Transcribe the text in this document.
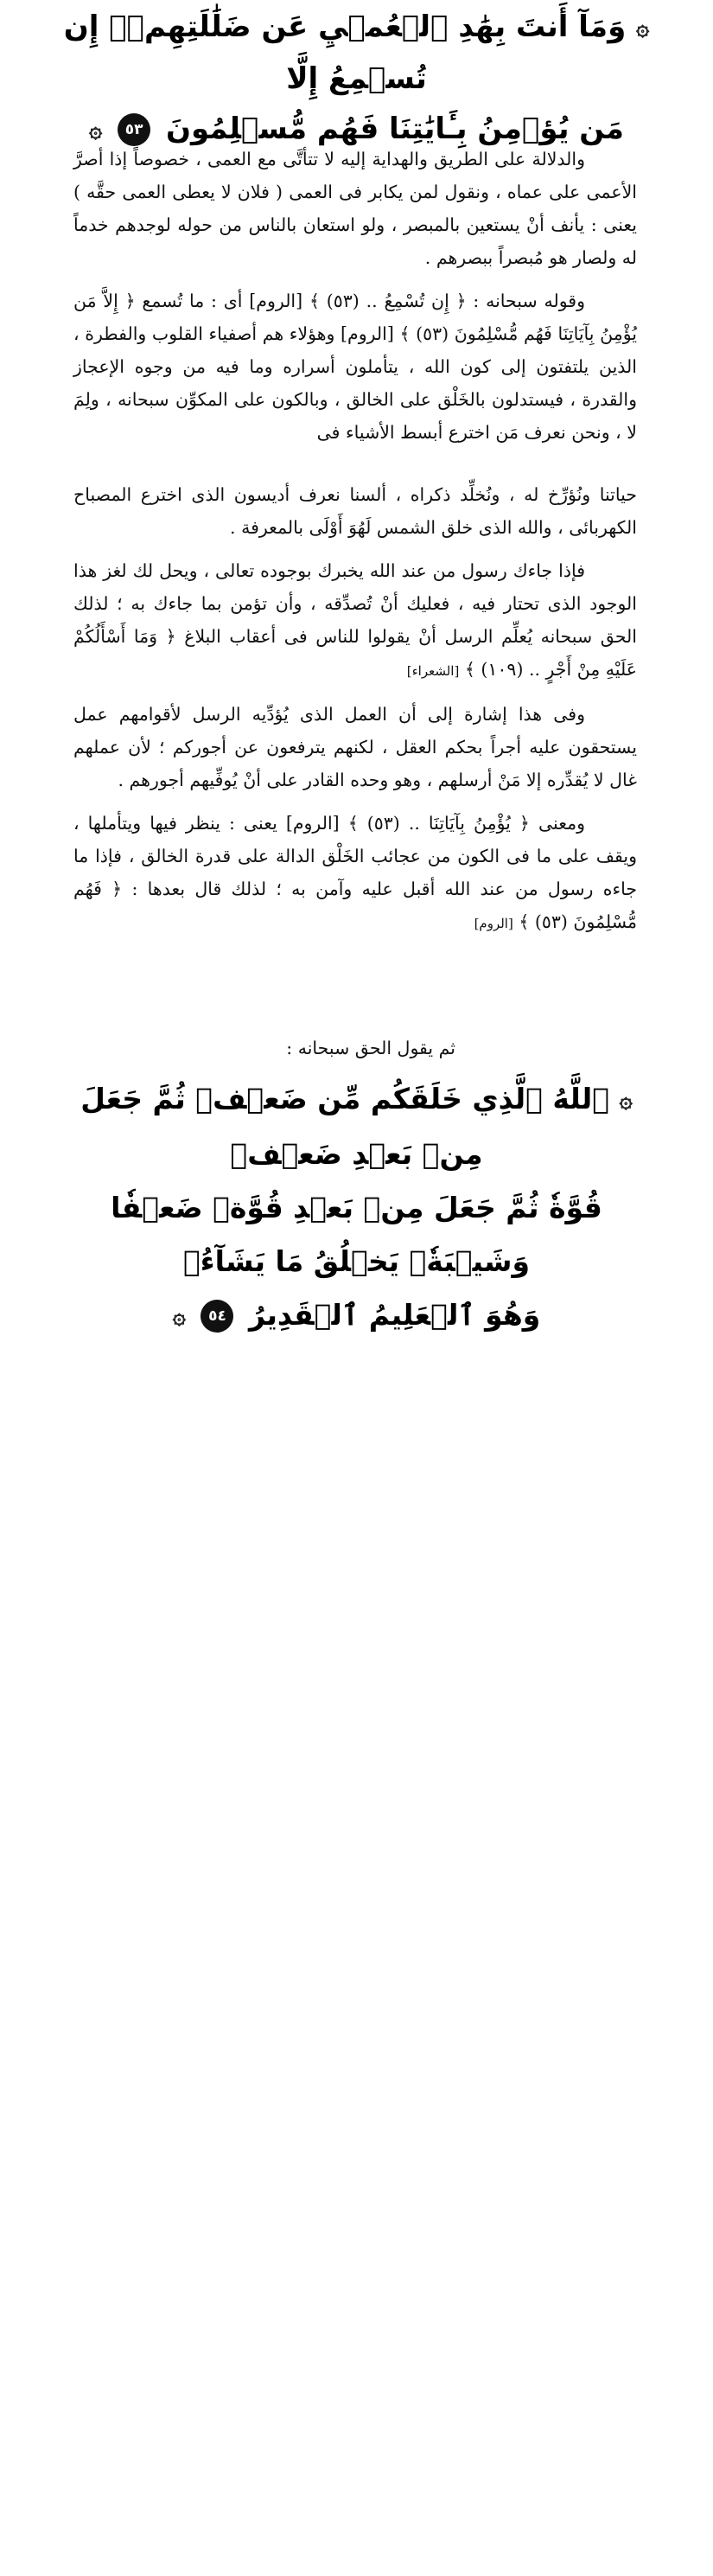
۞ وَمَآ أَنتَ بِهَٰدِ ٱلۡعُمۡيِ عَن ضَلَٰلَتِهِمۡۖ إِن تُسۡمِعُ إِلَّا
مَن يُؤۡمِنُ بِـَٔايَٰتِنَا فَهُم مُّسۡلِمُونَ ٥٣ ۞

والدلالة على الطريق والهداية إليه لا تتأتَّى مع العمى ، خصوصاً إذا أصرَّ الأعمى على عماه ، ونقول لمن يكابر فى العمى ( فلان لا يعطى العمى حقَّه ) يعنى : يأنف أنْ يستعين بالمبصر ، ولو استعان بالناس من حوله لوجدهم خدماً له ولصار هو مُبصراً ببصرهم .

وقوله سبحانه : ﴿ إِن تُسْمِعُ .. (٥٣) ﴾ [الروم] أى : ما تُسمع ﴿ إِلاَّ مَن يُؤْمِنُ بِآيَاتِنَا فَهُم مُّسْلِمُونَ (٥٣) ﴾ [الروم] وهؤلاء هم أصفياء القلوب والفطرة ، الذين يلتفتون إلى كون الله ، يتأملون أسراره وما فيه من وجوه الإعجاز والقدرة ، فيستدلون بالخَلْق على الخالق ، وبالكون على المكوِّن سبحانه ، ولِمَ لا ، ونحن نعرف مَن اخترع أبسط الأشياء فى

حياتنا ونُؤرِّخ له ، ونُخلِّد ذكراه ، ألسنا نعرف أديسون الذى اخترع المصباح الكهربائى ، والله الذى خلق الشمس لَهُوَ أَوْلَى بالمعرفة .

فإذا جاءك رسول من عند الله يخبرك بوجوده تعالى ، ويحل لك لغز هذا الوجود الذى تحتار فيه ، فعليك أنْ تُصدِّقه ، وأن تؤمن بما جاءك به ؛ لذلك الحق سبحانه يُعلِّم الرسل أنْ يقولوا للناس فى أعقاب البلاغ ﴿ وَمَا أَسْأَلُكُمْ عَلَيْهِ مِنْ أَجْرٍ .. (١٠٩) ﴾ [الشعراء]

وفى هذا إشارة إلى أن العمل الذى يُؤدِّيه الرسل لأقوامهم عمل يستحقون عليه أجراً بحكم العقل ، لكنهم يترفعون عن أجوركم ؛ لأن عملهم غال لا يُقدِّره إلا مَنْ أرسلهم ، وهو وحده القادر على أنْ يُوفِّيهم أجورهم .

ومعنى ﴿ يُؤْمِنُ بِآيَاتِنَا .. (٥٣) ﴾ [الروم] يعنى : ينظر فيها ويتأملها ، ويقف على ما فى الكون من عجائب الخَلْق الدالة على قدرة الخالق ، فإذا ما جاءه رسول من عند الله أقبل عليه وآمن به ؛ لذلك قال بعدها : ﴿ فَهُم مُّسْلِمُونَ (٥٣) ﴾ [الروم]

ثم يقول الحق سبحانه :
۞ ٱللَّهُ ٱلَّذِي خَلَقَكُم مِّن ضَعۡفٖ ثُمَّ جَعَلَ مِنۢ بَعۡدِ ضَعۡفٖ
قُوَّةٗ ثُمَّ جَعَلَ مِنۢ بَعۡدِ قُوَّةٖ ضَعۡفٗا وَشَيۡبَةٗۚ يَخۡلُقُ مَا يَشَآءُۚ
وَهُوَ ٱلۡعَلِيمُ ٱلۡقَدِيرُ ٥٤ ۞
